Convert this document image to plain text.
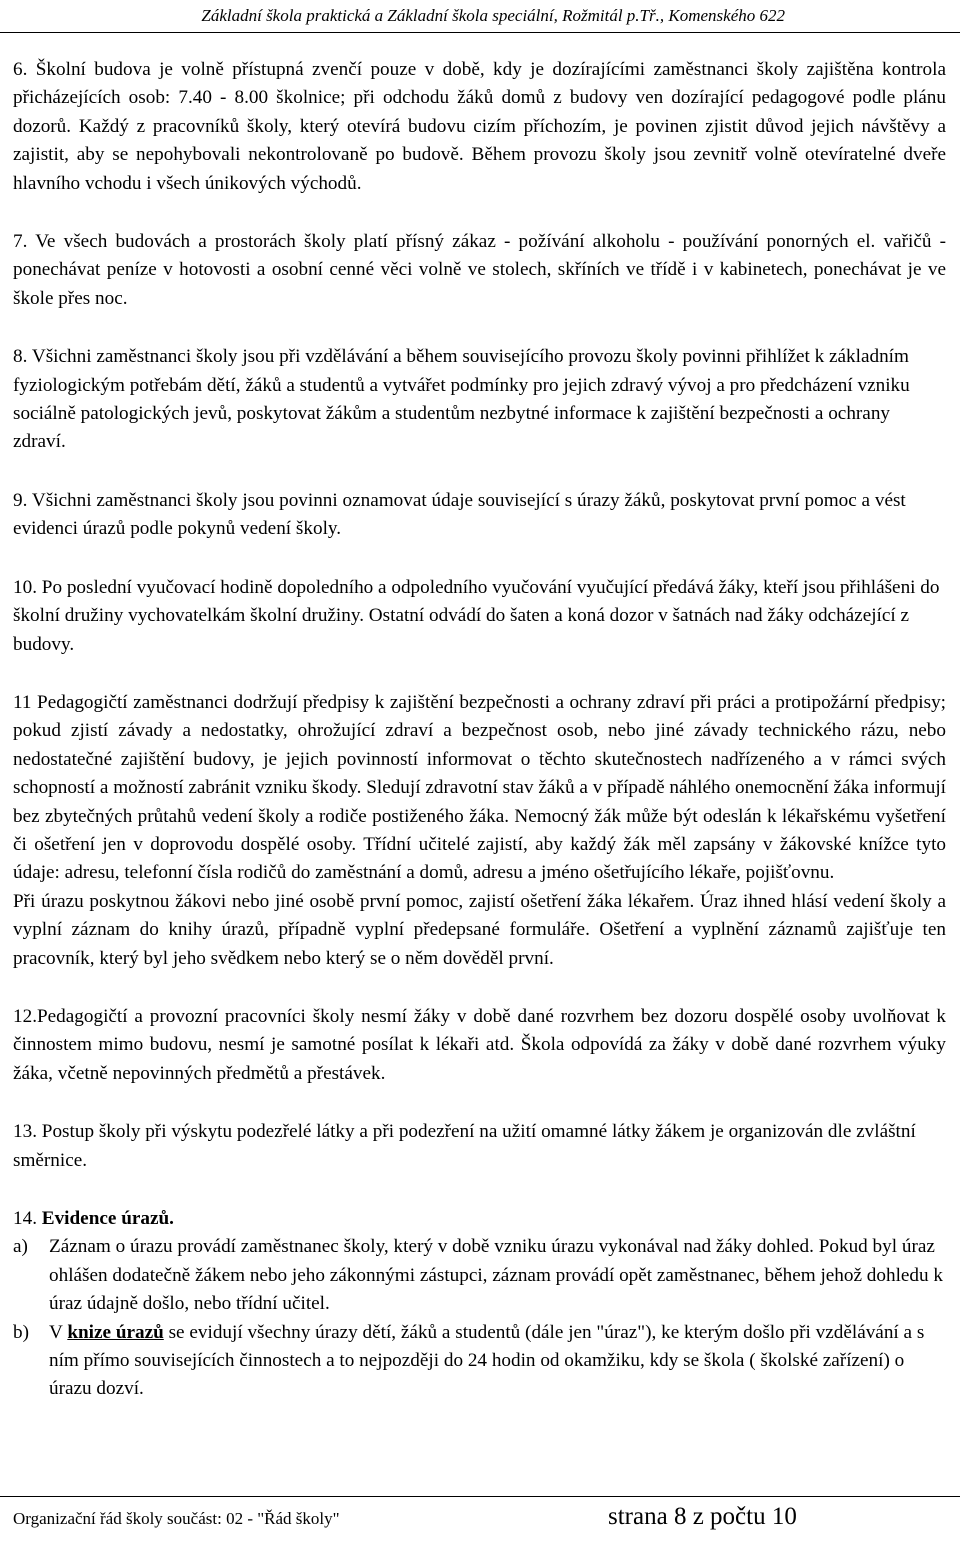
Základní škola praktická a Základní škola speciální, Rožmitál p.Tř., Komenského 622

6. Školní budova je volně přístupná zvenčí pouze v době, kdy je dozírajícími zaměstnanci školy zajištěna kontrola přicházejících osob: 7.40 - 8.00 školnice; při odchodu žáků domů z budovy ven dozírající pedagogové podle plánu dozorů. Každý z pracovníků školy, který otevírá budovu cizím příchozím, je povinen zjistit důvod jejich návštěvy a zajistit, aby se nepohybovali nekontrolovaně po budově. Během provozu školy jsou zevnitř volně otevíratelné dveře hlavního vchodu i všech únikových východů.

7. Ve všech budovách a prostorách školy platí přísný zákaz - požívání alkoholu - používání ponorných el. vařičů - ponechávat peníze v hotovosti a osobní cenné věci volně ve stolech, skříních ve třídě i v kabinetech, ponechávat je ve škole přes noc.

8. Všichni zaměstnanci školy jsou při vzdělávání a během souvisejícího provozu školy povinni přihlížet k základním fyziologickým potřebám dětí, žáků a studentů a vytvářet podmínky pro jejich zdravý vývoj a pro předcházení vzniku sociálně patologických jevů, poskytovat žákům a studentům nezbytné informace k zajištění bezpečnosti a ochrany zdraví.

9. Všichni zaměstnanci školy jsou povinni oznamovat údaje související s úrazy žáků, poskytovat první pomoc a vést evidenci úrazů podle pokynů vedení školy.

10. Po poslední vyučovací hodině dopoledního a odpoledního vyučování vyučující předává žáky, kteří jsou přihlášeni do školní družiny vychovatelkám školní družiny. Ostatní odvádí do šaten a koná dozor v šatnách nad žáky odcházející z budovy.

11 Pedagogičtí zaměstnanci dodržují předpisy k zajištění bezpečnosti a ochrany zdraví při práci a protipožární předpisy; pokud zjistí závady a nedostatky, ohrožující zdraví a bezpečnost osob, nebo jiné závady technického rázu, nebo nedostatečné zajištění budovy, je jejich povinností informovat o těchto skutečnostech nadřízeného a v rámci svých schopností a možností zabránit vzniku škody. Sledují zdravotní stav žáků a v případě náhlého onemocnění žáka informují bez zbytečných průtahů vedení školy a rodiče postiženého žáka. Nemocný žák může být odeslán k lékařskému vyšetření či ošetření jen v doprovodu dospělé osoby. Třídní učitelé zajistí, aby každý žák měl zapsány v žákovské knížce tyto údaje: adresu, telefonní čísla rodičů do zaměstnání a domů, adresu a jméno ošetřujícího lékaře, pojišťovnu.

Při úrazu poskytnou žákovi nebo jiné osobě první pomoc, zajistí ošetření žáka lékařem. Úraz ihned hlásí vedení školy a vyplní záznam do knihy úrazů, případně vyplní předepsané formuláře. Ošetření a vyplnění záznamů zajišťuje ten pracovník, který byl jeho svědkem nebo který se o něm dověděl první.

12.Pedagogičtí a provozní pracovníci školy nesmí žáky v době dané rozvrhem bez dozoru dospělé osoby uvolňovat k činnostem mimo budovu, nesmí je samotné posílat k lékaři atd. Škola odpovídá za žáky v době dané rozvrhem výuky žáka, včetně nepovinných předmětů a přestávek.

13. Postup školy při výskytu podezřelé látky a při podezření na užití omamné látky žákem je organizován dle zvláštní směrnice.

14. Evidence úrazů.

a)	Záznam o úrazu provádí zaměstnanec školy, který v době vzniku úrazu vykonával nad žáky dohled. Pokud byl úraz ohlášen dodatečně žákem nebo jeho zákonnými zástupci, záznam provádí opět zaměstnanec, během jehož dohledu k úraz údajně došlo, nebo třídní učitel.
b)	V knize úrazů se evidují všechny úrazy dětí, žáků a studentů (dále jen "úraz"), ke kterým došlo při vzdělávání a s ním přímo souvisejících činnostech a to nejpozději do 24 hodin od okamžiku, kdy se škola ( školské zařízení) o úrazu dozví.
Organizační řád školy součást: 02 - "Řád školy"	strana 8 z počtu 10
